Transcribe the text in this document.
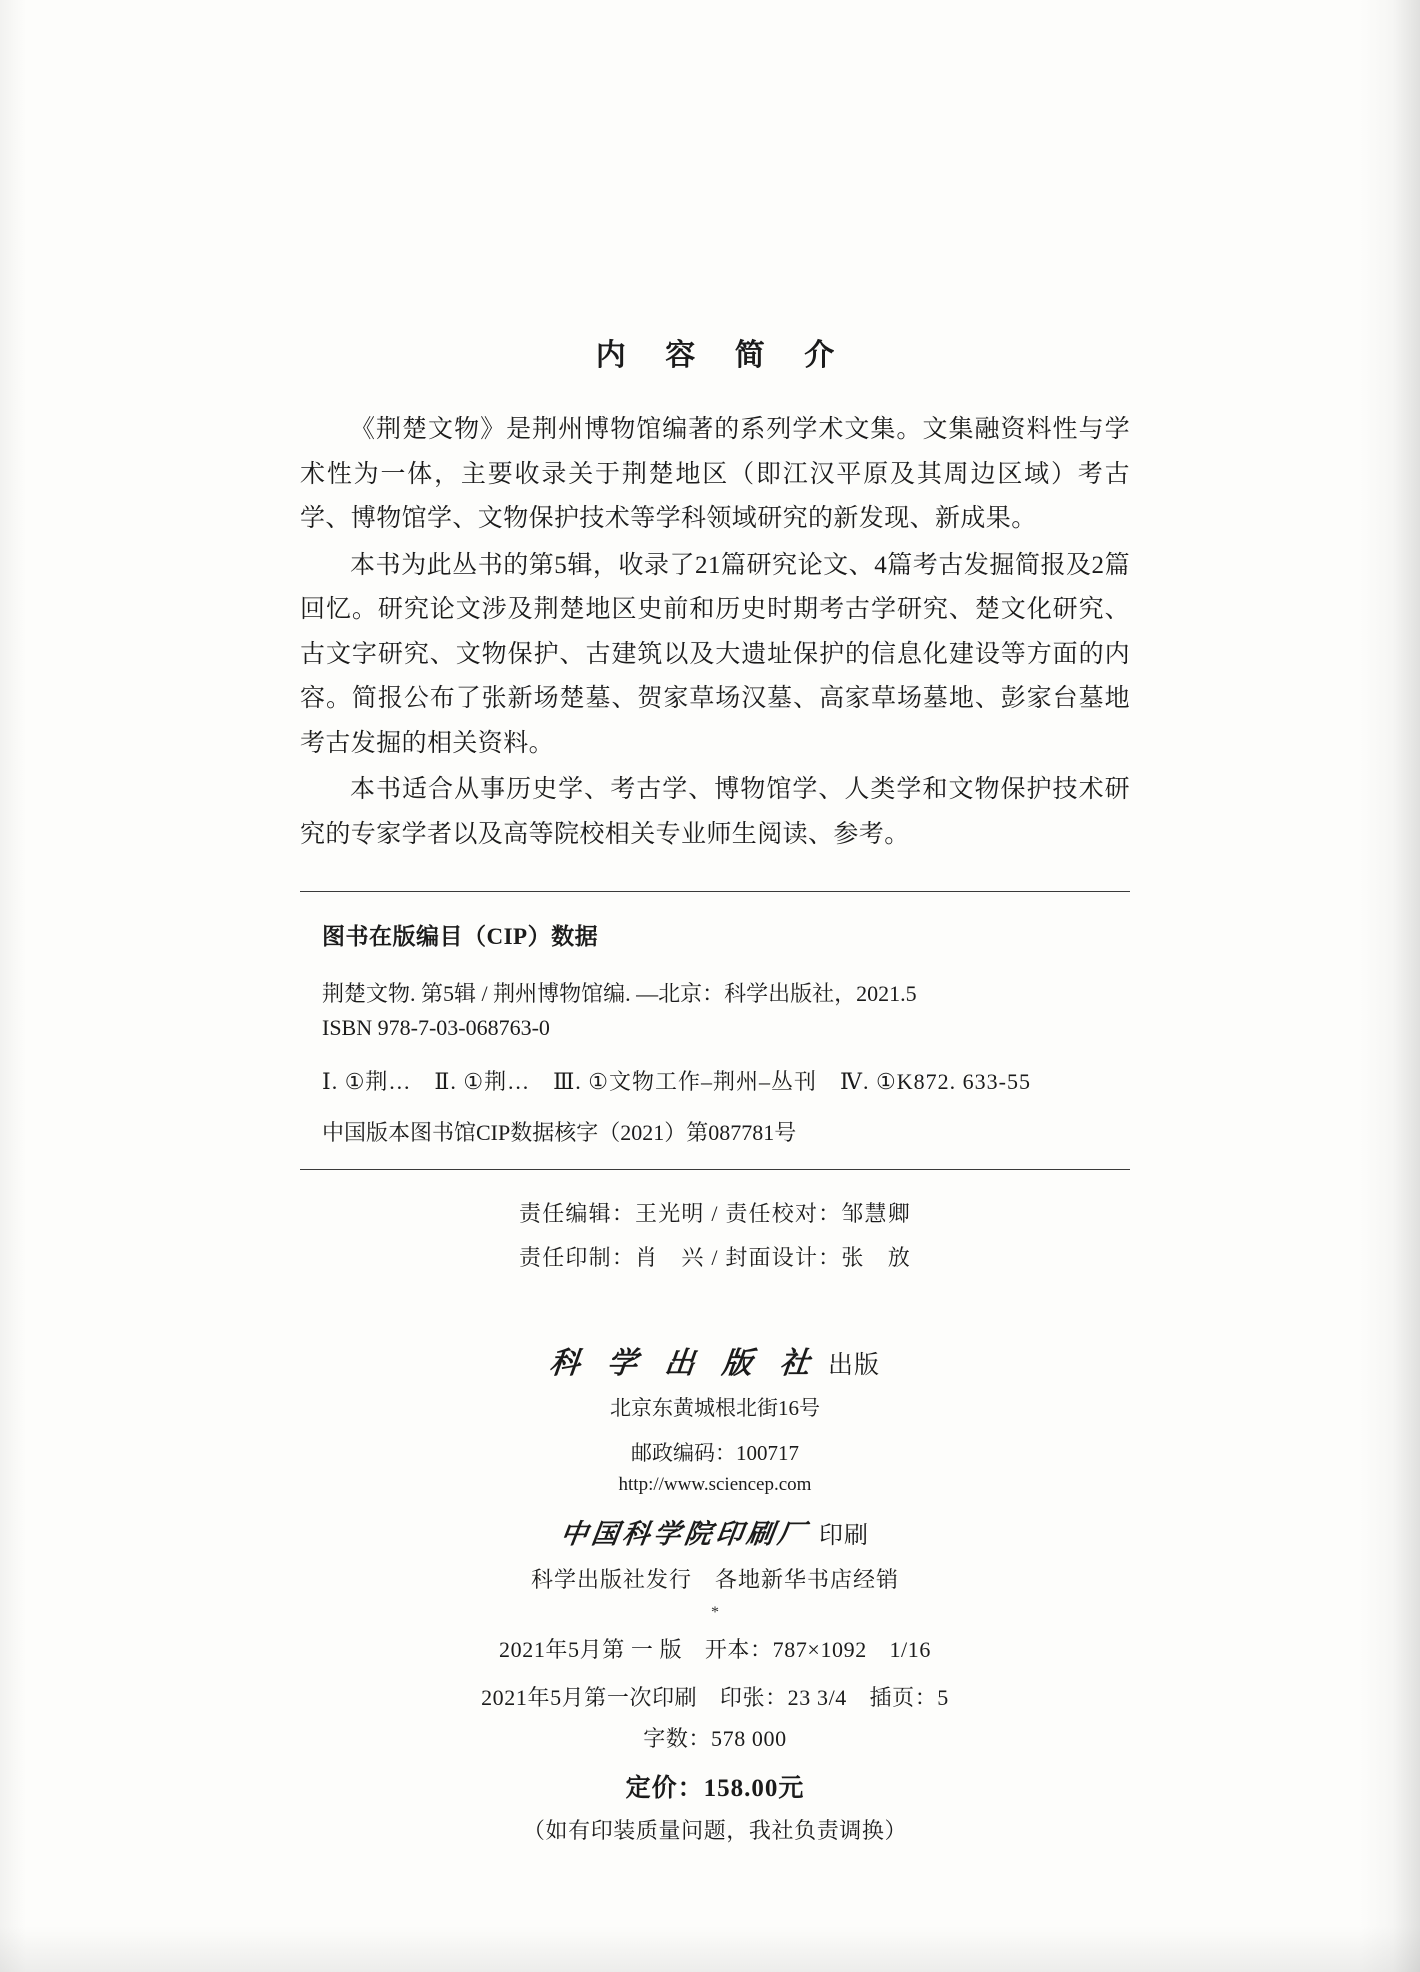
内 容 简 介

《荆楚文物》是荆州博物馆编著的系列学术文集。文集融资料性与学术性为一体，主要收录关于荆楚地区（即江汉平原及其周边区域）考古学、博物馆学、文物保护技术等学科领域研究的新发现、新成果。

本书为此丛书的第5辑，收录了21篇研究论文、4篇考古发掘简报及2篇回忆。研究论文涉及荆楚地区史前和历史时期考古学研究、楚文化研究、古文字研究、文物保护、古建筑以及大遗址保护的信息化建设等方面的内容。简报公布了张新场楚墓、贺家草场汉墓、高家草场墓地、彭家台墓地考古发掘的相关资料。

本书适合从事历史学、考古学、博物馆学、人类学和文物保护技术研究的专家学者以及高等院校相关专业师生阅读、参考。

图书在版编目（CIP）数据

荆楚文物. 第5辑 / 荆州博物馆编. —北京：科学出版社，2021.5

ISBN 978-7-03-068763-0

Ⅰ. ①荆…　Ⅱ. ①荆…　Ⅲ. ①文物工作–荆州–丛刊　Ⅳ. ①K872. 633-55

中国版本图书馆CIP数据核字（2021）第087781号

责任编辑：王光明 / 责任校对：邹慧卿
责任印制：肖　兴 / 封面设计：张　放
科 学 出 版 社 出版
北京东黄城根北街16号
邮政编码：100717
http://www.sciencep.com
中国科学院印刷厂 印刷
科学出版社发行　各地新华书店经销
*
2021年5月第 一 版　开本：787×1092　1/16
2021年5月第一次印刷　印张：23 3/4　插页：5
字数：578 000
定价：158.00元
（如有印装质量问题，我社负责调换）
